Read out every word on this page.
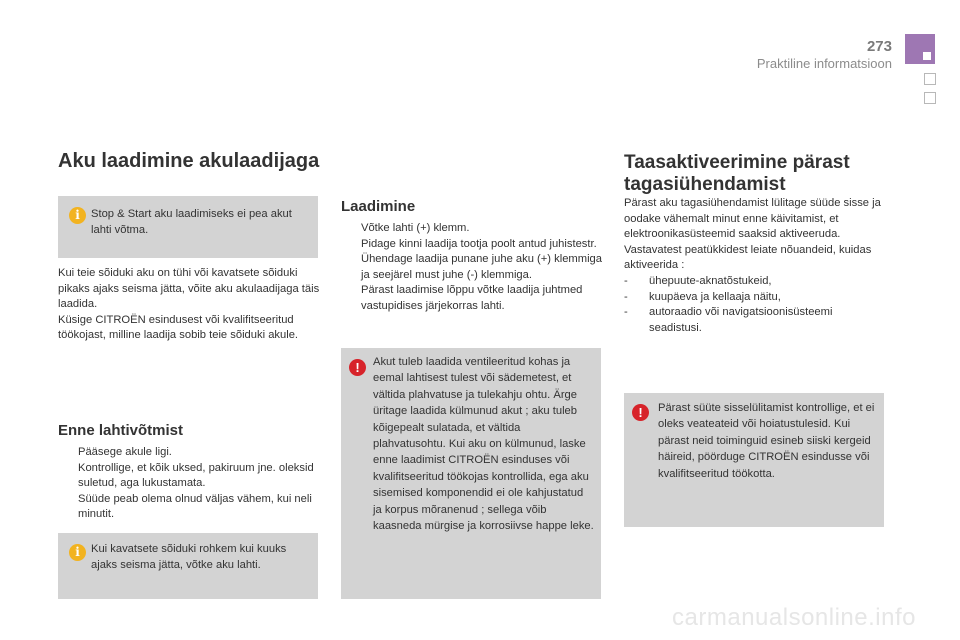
273
Praktiline informatsioon
Aku laadimine akulaadijaga
i	Stop & Start aku laadimiseks ei pea akut lahti võtma.

Kui teie sõiduki aku on tühi või kavatsete sõiduki pikaks ajaks seisma jätta, võite aku akulaadijaga täis laadida.

Küsige CITROËN esindusest või kvalifitseeritud töökojast, milline laadija sobib teie sõiduki akule.

Enne lahtivõtmist
Pääsege akule ligi.
Kontrollige, et kõik uksed, pakiruum jne. oleksid suletud, aga lukustamata.
Süüde peab olema olnud väljas vähem, kui neli minutit.
i	Kui kavatsete sõiduki rohkem kui kuuks ajaks seisma jätta, võtke aku lahti.
Laadimine
Võtke lahti (+) klemm.
Pidage kinni laadija tootja poolt antud juhistestr.
Ühendage laadija punane juhe aku (+) klemmiga ja seejärel must juhe (-) klemmiga.
Pärast laadimise lõppu võtke laadija juhtmed vastupidises järjekorras lahti.
!	Akut tuleb laadida ventileeritud kohas ja eemal lahtisest tulest või sädemetest, et vältida plahvatuse ja tulekahju ohtu. Ärge üritage laadida külmunud akut ; aku tuleb kõigepealt sulatada, et vältida plahvatusohtu. Kui aku on külmunud, laske enne laadimist CITROËN esinduses või kvalifitseeritud töökojas kontrollida, ega aku sisemised komponendid ei ole kahjustatud ja korpus mõranenud ; sellega võib kaasneda mürgise ja korrosiivse happe leke.
Taasaktiveerimine pärast tagasiühendamist

Pärast aku tagasiühendamist lülitage süüde sisse ja oodake vähemalt minut enne käivitamist, et elektroonikasüsteemid saaksid aktiveeruda.

Vastavatest peatükkidest leiate nõuandeid, kuidas aktiveerida :

- ühepuute-aknatõstukeid,
- kuupäeva ja kellaaja näitu,
- autoraadio või navigatsioonisüsteemi seadistusi.
!	Pärast süüte sisselülitamist kontrollige, et ei oleks veateateid või hoiatustulesid. Kui pärast neid toiminguid esineb siiski kergeid häireid, pöörduge CITROËN esindusse või kvalifitseeritud töökotta.
carmanualsonline.info
